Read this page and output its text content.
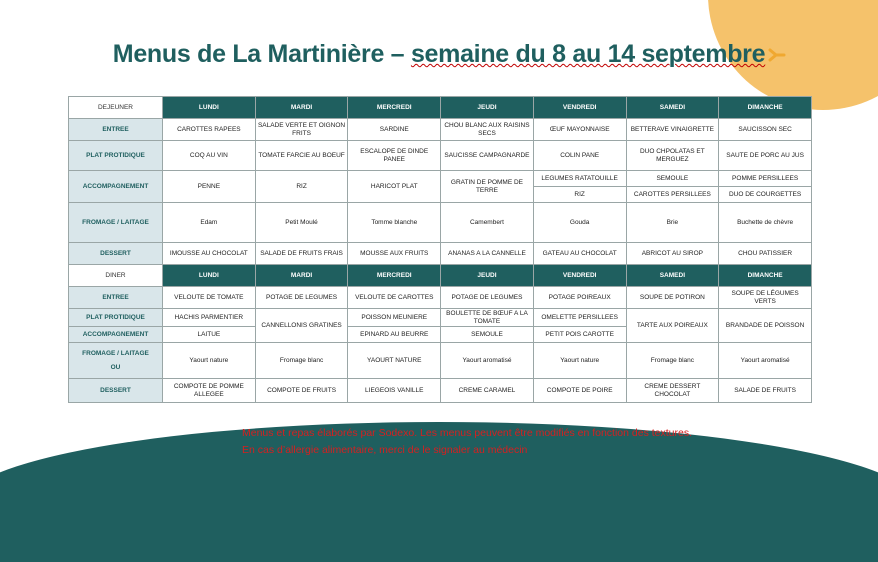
Menus de La Martinière – semaine du 8 au 14 septembre
DEJEUNER	LUNDI	MARDI	MERCREDI	JEUDI	VENDREDI	SAMEDI	DIMANCHE
ENTREE	CAROTTES RAPEES	SALADE VERTE ET OIGNON FRITS	SARDINE	CHOU BLANC AUX RAISINS SECS	ŒUF MAYONNAISE	BETTERAVE VINAIGRETTE	SAUCISSON SEC
PLAT PROTIDIQUE	COQ AU VIN	TOMATE FARCIE AU BOEUF	ESCALOPE DE DINDE PANEE	SAUCISSE CAMPAGNARDE	COLIN PANE	DUO CHPOLATAS ET MERGUEZ	SAUTE DE PORC AU JUS
ACCOMPAGNEMENT	PENNE	RIZ	HARICOT PLAT	GRATIN DE POMME DE TERRE	LEGUMES RATATOUILLE	SEMOULE	POMME PERSILLEES
					RIZ	CAROTTES PERSILLEES	DUO DE COURGETTES
FROMAGE / LAITAGE	Edam	Petit Moulé	Tomme blanche	Camembert	Gouda	Brie	Buchette de chèvre
DESSERT	IMOUSSE AU CHOCOLAT	SALADE DE FRUITS FRAIS	MOUSSE AUX FRUITS	ANANAS A LA CANNELLE	GATEAU AU CHOCOLAT	ABRICOT AU SIROP	CHOU PATISSIER
DINER	LUNDI	MARDI	MERCREDI	JEUDI	VENDREDI	SAMEDI	DIMANCHE
ENTREE	VELOUTE DE TOMATE	POTAGE DE LEGUMES	VELOUTE DE CAROTTES	POTAGE DE LEGUMES	POTAGE POIREAUX	SOUPE DE POTIRON	SOUPE DE LÉGUMES VERTS
PLAT PROTIDIQUE	HACHIS PARMENTIER	CANNELLONIS GRATINES	POISSON MEUNIERE	BOULETTE DE BŒUF A LA TOMATE	OMELETTE PERSILLEES	TARTE AUX POIREAUX	BRANDADE DE POISSON
ACCOMPAGNEMENT	LAITUE		EPINARD AU BEURRE	SEMOULE	PETIT POIS CAROTTE		

FROMAGE / LAITAGE
OU	Yaourt nature	Fromage blanc	YAOURT NATURE	Yaourt aromatisé	Yaourt nature	Fromage blanc	Yaourt aromatisé
DESSERT	COMPOTE DE POMME ALLEGEE	COMPOTE DE FRUITS	LIEGEOIS VANILLE	CREME CARAMEL	COMPOTE DE POIRE	CREME DESSERT CHOCOLAT	SALADE DE FRUITS
Menus et repas élaborés par Sodexo. Les menus peuvent être modifiés en fonction des textures.
En cas d’allergie alimentaire, merci de le signaler au médecin
